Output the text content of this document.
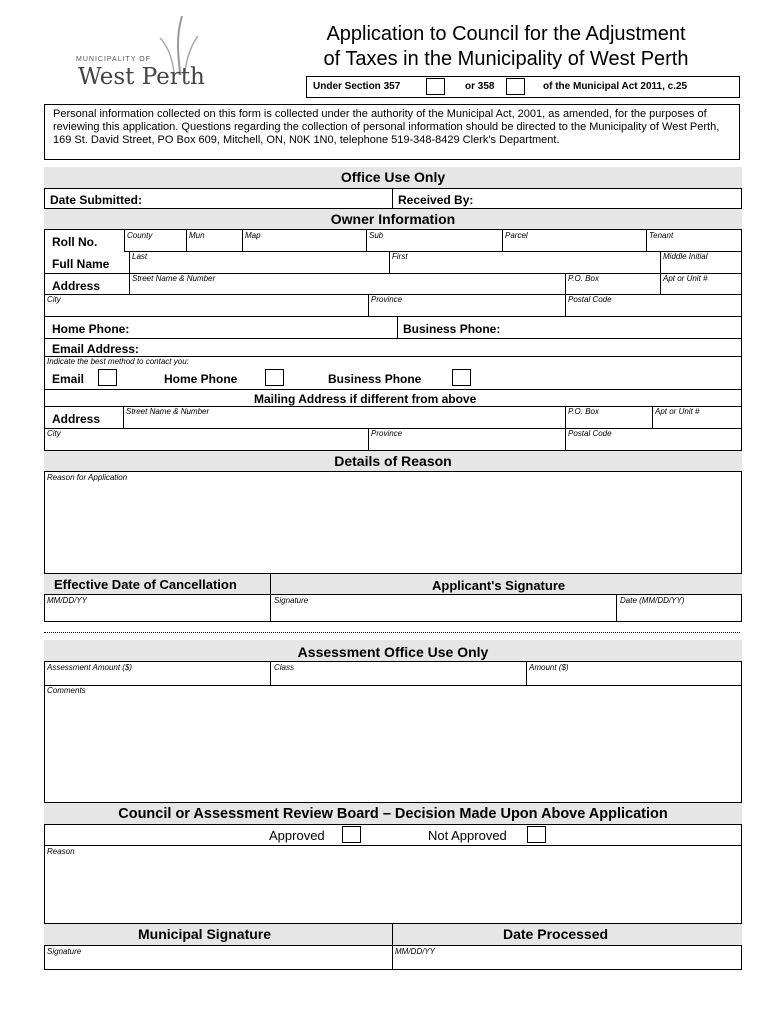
MUNICIPALITY OF
West Perth
Application to Council for the Adjustment
of Taxes in the Municipality of West Perth
Under Section 357	or 358	of the Municipal Act 2011, c.25
Personal information collected on this form is collected under the authority of the Municipal Act, 2001, as amended, for the purposes of reviewing this application. Questions regarding the collection of personal information should be directed to the Municipality of West Perth, 169 St. David Street, PO Box 609, Mitchell, ON, N0K 1N0, telephone 519-348-8429 Clerk's Department.
Office Use Only
Date Submitted:	Received By:
Owner Information
Roll No.	County	Mun	Map	Sub	Parcel	Tenant
Full Name
Last	First	Middle Initial
Address
Street Name & Number	P.O. Box	Apt or Unit #
City	Province	Postal Code
Home Phone:	Business Phone:
Email Address:
Indicate the best method to contact you:
Email	Home Phone	Business Phone
Mailing Address if different from above
Address
Street Name & Number	P.O. Box	Apt or Unit #
City	Province	Postal Code
Details of Reason
Reason for Application
Effective Date of Cancellation	Applicant's Signature
MM/DD/YY	Signature	Date (MM/DD/YY)
Assessment Office Use Only
Assessment Amount ($)	Class	Amount ($)
Comments
Council or Assessment Review Board – Decision Made Upon Above Application
Approved	Not Approved
Reason
Municipal Signature	Date Processed
Signature	MM/DD/YY
